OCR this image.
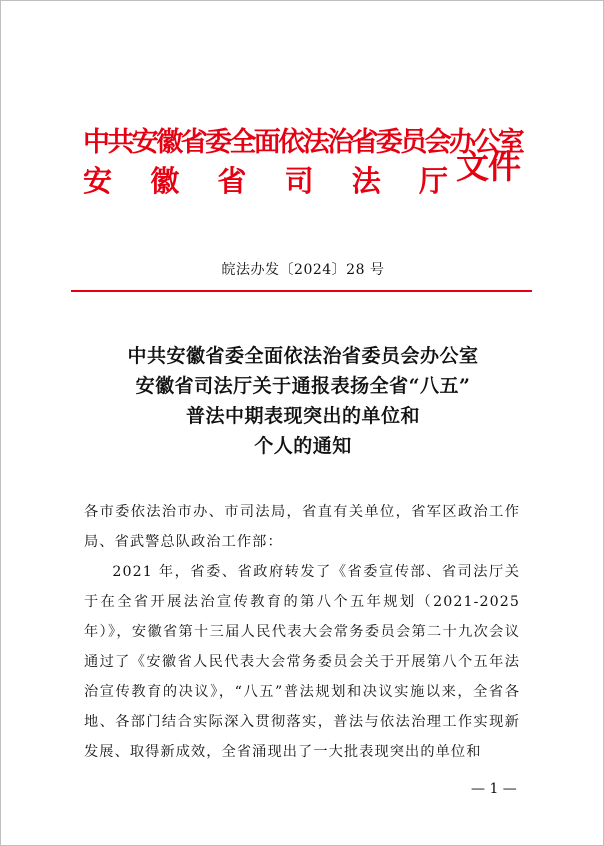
中共安徽省委全面依法治省委员会办公室
安 徽 省 司 法 厅 文件
皖法办发〔2024〕28 号
中共安徽省委全面依法治省委员会办公室
安徽省司法厅关于通报表扬全省“八五”
普法中期表现突出的单位和
个人的通知

各市委依法治市办、市司法局，省直有关单位，省军区政治工作局、省武警总队政治工作部：

2021 年，省委、省政府转发了《省委宣传部、省司法厅关于在全省开展法治宣传教育的第八个五年规划（2021-2025 年）》，安徽省第十三届人民代表大会常务委员会第二十九次会议通过了《安徽省人民代表大会常务委员会关于开展第八个五年法治宣传教育的决议》，“八五”普法规划和决议实施以来，全省各地、各部门结合实际深入贯彻落实，普法与依法治理工作实现新发展、取得新成效，全省涌现出了一大批表现突出的单位和

— 1 —
